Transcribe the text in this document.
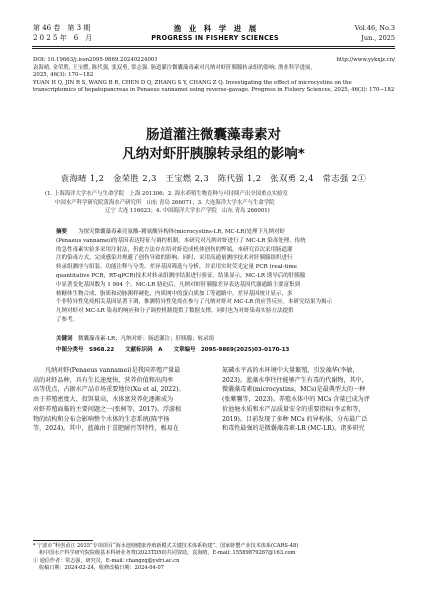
第 46 卷　第 3 期
2 0 2 5 年　6　月
渔　业　科　学　进　展
PROGRESS IN FISHERY SCIENCES
Vol.46, No.3
Jun., 2025
DOI: 10.19663/j.issn2095-9869.20240224001	http://www.yykxjz.cn/
袁海晴, 金荣胜, 王宝燃, 陈代强, 张双勇, 常志强. 肠道灌注微囊藻毒素对凡纳对虾肝胰腺转录组的影响. 渔业科学进展,
2025, 46(3): 170−182
YUAN H Q, JIN R S, WANG B R, CHEN D Q, ZHANG S Y, CHANG Z Q. Investigating the effect of microcystins on the
transcriptomics of hepatopancreas in Penaeus vannamei using reverse-gavage. Progress in Fishery Sciences, 2025, 46(3): 170−182
肠道灌注微囊藻毒素对
凡纳对虾肝胰腺转录组的影响*
袁海晴 1,2　金荣胜 2,3　王宝燃 2,3　陈代强 1,2　张双勇 2,4　常志强 2①
(1. 上海海洋大学水产与生命学院　上海 201306；2. 海水养殖生物育种与可持续产出全国重点实验室
中国水产科学研究院黄海水产研究所　山东 青岛 266071；3. 大连海洋大学水产与生命学院
辽宁 大连 116023；4. 中国海洋大学水产学院　山东 青岛 266001)
摘要　　 为探究微囊藻毒素亮氨酸–精氨酸异构体(microcystins-LR, MC-LR)处理下凡纳对虾
(Penaeus vannamei)的基因表达特征与调控机制，本研究对凡纳对虾进行了 MC-LR 染毒处理。传统
的急性毒素实验多采用注射法，但此方法存在给对虾造成机体创伤的弊端，本研究首次采用肠道灌
注的染毒方式，完成感染并规避了创伤导致的影响。同时，采用高通量测序技术对肝胰腺组织进行
转录组测序与组装、功能注释与分类、差异基因筛选与分析，并采用实时荧光定量 PCR (real-time
quantitative PCR，RT-qPCR)技术对转录组测序结果进行验证。结果显示，MC-LR 诱导后的肝胰腺
中显著变化基因数为 1 994 个。MC-LR 胁迫后，凡纳对虾肝胰腺差异表达基因代谢通路主要富集到
核糖体生物合成、脂质和动脉粥样硬化、内质网中的蛋白质加工等通路中。差异基因统计显示，多
个非特异性免疫相关基因显著下调，推测特异性免疫在参与了凡纳对虾对 MC-LR 的应答反应。本研究结果为揭示
凡纳对虾对 MC-LR 染毒的响应和分子调控机制提供了数据支撑，同时也为对虾染毒实验方法提供
了参考。
关键词　 微囊藻毒素-LR；凡纳对虾；肠道灌注；肝胰腺；转录组
中图分类号　S968.22　　文献标识码　A　　文章编号　2095-9869(2025)03-0170-13
凡纳对虾(Penaeus vannamei)是我国养殖产量最
高的对虾品种，具有生长速度快、营养价值和出肉率
高等优点，占据水产品市场重要地位(Xu et al, 2022)。
由于养殖密度大、投饵量高，水体富营养化逐渐成为
对虾养殖面临的主要问题之一(张树等，2017)。浮游植
物的结构和分布会影响整个水体的生态系统(陈宇扬
等，2024)。其中，蓝藻由于喜肥耐污等特性，极易在
氮磷水平高的水环境中大量繁殖，引发藻华(李敏，
2023)。蓝藻水华往往能够产生有毒的代谢物，其中，
微囊藻毒素(microcystins，MCs)是最典型大的一种
(张紫馨等，2023)。养殖水体中的 MCs 含量已成为评
价池塘水质和水产品质量安全的重要指标(李孟和等，
2019)。目前发现了多种 MCs 的异构体，分布最广泛
和毒性最强的是微囊藻毒素-LR (MC-LR)。诸多研究
* 宁波市“科创甬江 2035”专项项目“海水池塘健康养殖新模式关键技术体系构建”、国家虾蟹产业技术体系(CARS-48)
和中国水产科学研究院院级基本科研业务费(2023TD50)共同资助。袁海晴，E-mail: 15589879267@163.com
① 通信作者：常志强，研究员，E-mail: changzq@ysfri.ac.cn
收稿日期：2024-02-24，收修改稿日期：2024-04-07
